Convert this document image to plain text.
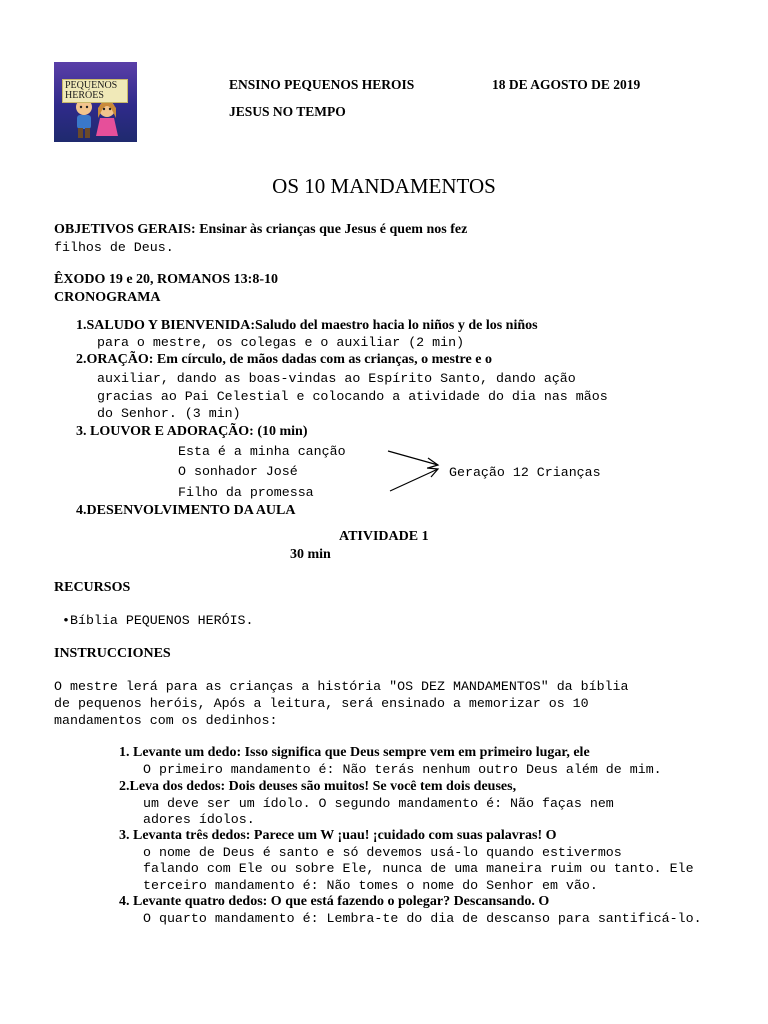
PEQUENOS
HERÓES
ENSINO PEQUENOS HEROIS	18 DE AGOSTO DE 2019
JESUS NO TEMPO
OS 10 MANDAMENTOS
OBJETIVOS GERAIS: Ensinar às crianças que Jesus é quem nos fez
filhos de Deus.
ÊXODO 19 e 20, ROMANOS 13:8-10
CRONOGRAMA
1.SALUDO Y BIENVENIDA:Saludo del maestro hacia lo niños y de los niños
para o mestre, os colegas e o auxiliar (2 min)
2.ORAÇÃO: Em círculo, de mãos dadas com as crianças, o mestre e o
auxiliar, dando as boas-vindas ao Espírito Santo, dando ação
gracias ao Pai Celestial e colocando a atividade do dia nas mãos
do Senhor. (3 min)
3. LOUVOR E ADORAÇÃO: (10 min)
Esta é a minha canção
O sonhador José
Filho da promessa
Geração 12 Crianças
4.DESENVOLVIMENTO DA AULA
ATIVIDADE 1
30 min
RECURSOS
•Bíblia PEQUENOS HERÓIS.
INSTRUCCIONES
O mestre lerá para as crianças a história "OS DEZ MANDAMENTOS" da bíblia
de pequenos heróis, Após a leitura, será ensinado a memorizar os 10
mandamentos com os dedinhos:
1. Levante um dedo: Isso significa que Deus sempre vem em primeiro lugar, ele
O primeiro mandamento é: Não terás nenhum outro Deus além de mim.
2.Leva dos dedos: Dois deuses são muitos! Se você tem dois deuses,
um deve ser um ídolo. O segundo mandamento é: Não faças nem
adores ídolos.
3. Levanta três dedos: Parece um W ¡uau! ¡cuidado com suas palavras! O
o nome de Deus é santo e só devemos usá-lo quando estivermos
falando com Ele ou sobre Ele, nunca de uma maneira ruim ou tanto. Ele
terceiro mandamento é: Não tomes o nome do Senhor em vão.
4. Levante quatro dedos: O que está fazendo o polegar? Descansando. O
O quarto mandamento é: Lembra-te do dia de descanso para santificá-lo.
